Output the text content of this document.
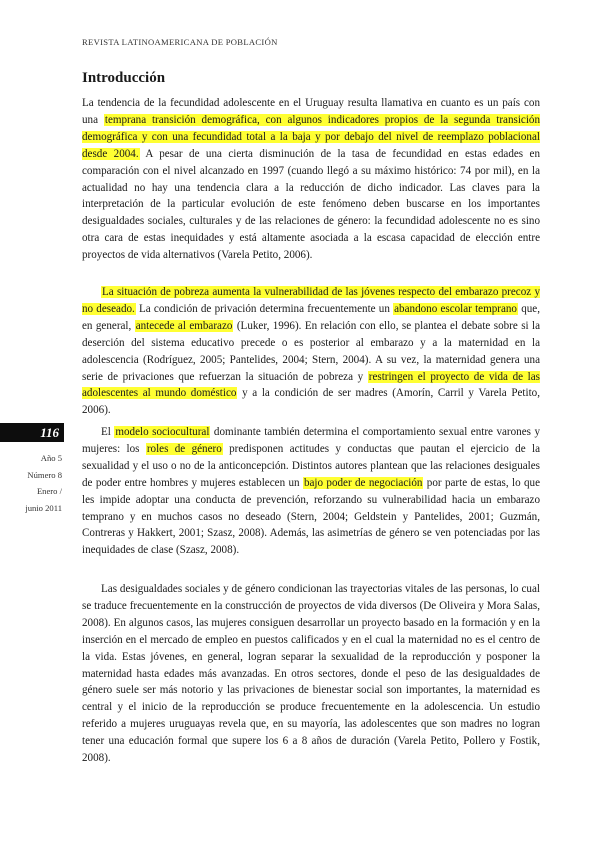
REVISTA LATINOAMERICANA DE POBLACIÓN
Introducción

La tendencia de la fecundidad adolescente en el Uruguay resulta llamativa en cuanto es un país con una temprana transición demográfica, con algunos indicadores propios de la segunda transición demográfica y con una fecundidad total a la baja y por debajo del nivel de reemplazo poblacional desde 2004. A pesar de una cierta disminución de la tasa de fecundidad en estas edades en comparación con el nivel alcanzado en 1997 (cuando llegó a su máximo histórico: 74 por mil), en la actualidad no hay una tendencia clara a la reducción de dicho indicador. Las claves para la interpretación de la particular evolución de este fenómeno deben buscarse en los importantes desigualdades sociales, culturales y de las relaciones de género: la fecundidad adolescente no es sino otra cara de estas inequidades y está altamente asociada a la escasa capacidad de elección entre proyectos de vida alternativos (Varela Petito, 2006).

La situación de pobreza aumenta la vulnerabilidad de las jóvenes respecto del embarazo precoz y no deseado. La condición de privación determina frecuentemente un abandono escolar temprano que, en general, antecede al embarazo (Luker, 1996). En relación con ello, se plantea el debate sobre si la deserción del sistema educativo precede o es posterior al embarazo y a la maternidad en la adolescencia (Rodríguez, 2005; Pantelides, 2004; Stern, 2004). A su vez, la maternidad genera una serie de privaciones que refuerzan la situación de pobreza y restringen el proyecto de vida de las adolescentes al mundo doméstico y a la condición de ser madres (Amorín, Carril y Varela Petito, 2006).

El modelo sociocultural dominante también determina el comportamiento sexual entre varones y mujeres: los roles de género predisponen actitudes y conductas que pautan el ejercicio de la sexualidad y el uso o no de la anticoncepción. Distintos autores plantean que las relaciones desiguales de poder entre hombres y mujeres establecen un bajo poder de negociación por parte de estas, lo que les impide adoptar una conducta de prevención, reforzando su vulnerabilidad hacia un embarazo temprano y en muchos casos no deseado (Stern, 2004; Geldstein y Pantelides, 2001; Guzmán, Contreras y Hakkert, 2001; Szasz, 2008). Además, las asimetrías de género se ven potenciadas por las inequidades de clase (Szasz, 2008).

Las desigualdades sociales y de género condicionan las trayectorias vitales de las personas, lo cual se traduce frecuentemente en la construcción de proyectos de vida diversos (De Oliveira y Mora Salas, 2008). En algunos casos, las mujeres consiguen desarrollar un proyecto basado en la formación y en la inserción en el mercado de empleo en puestos calificados y en el cual la maternidad no es el centro de la vida. Estas jóvenes, en general, logran separar la sexualidad de la reproducción y posponer la maternidad hasta edades más avanzadas. En otros sectores, donde el peso de las desigualdades de género suele ser más notorio y las privaciones de bienestar social son importantes, la maternidad es central y el inicio de la reproducción se produce frecuentemente en la adolescencia. Un estudio referido a mujeres uruguayas revela que, en su mayoría, las adolescentes que son madres no logran tener una educación formal que supere los 6 a 8 años de duración (Varela Petito, Pollero y Fostik, 2008).

116
Año 5
Número 8
Enero /
junio 2011
